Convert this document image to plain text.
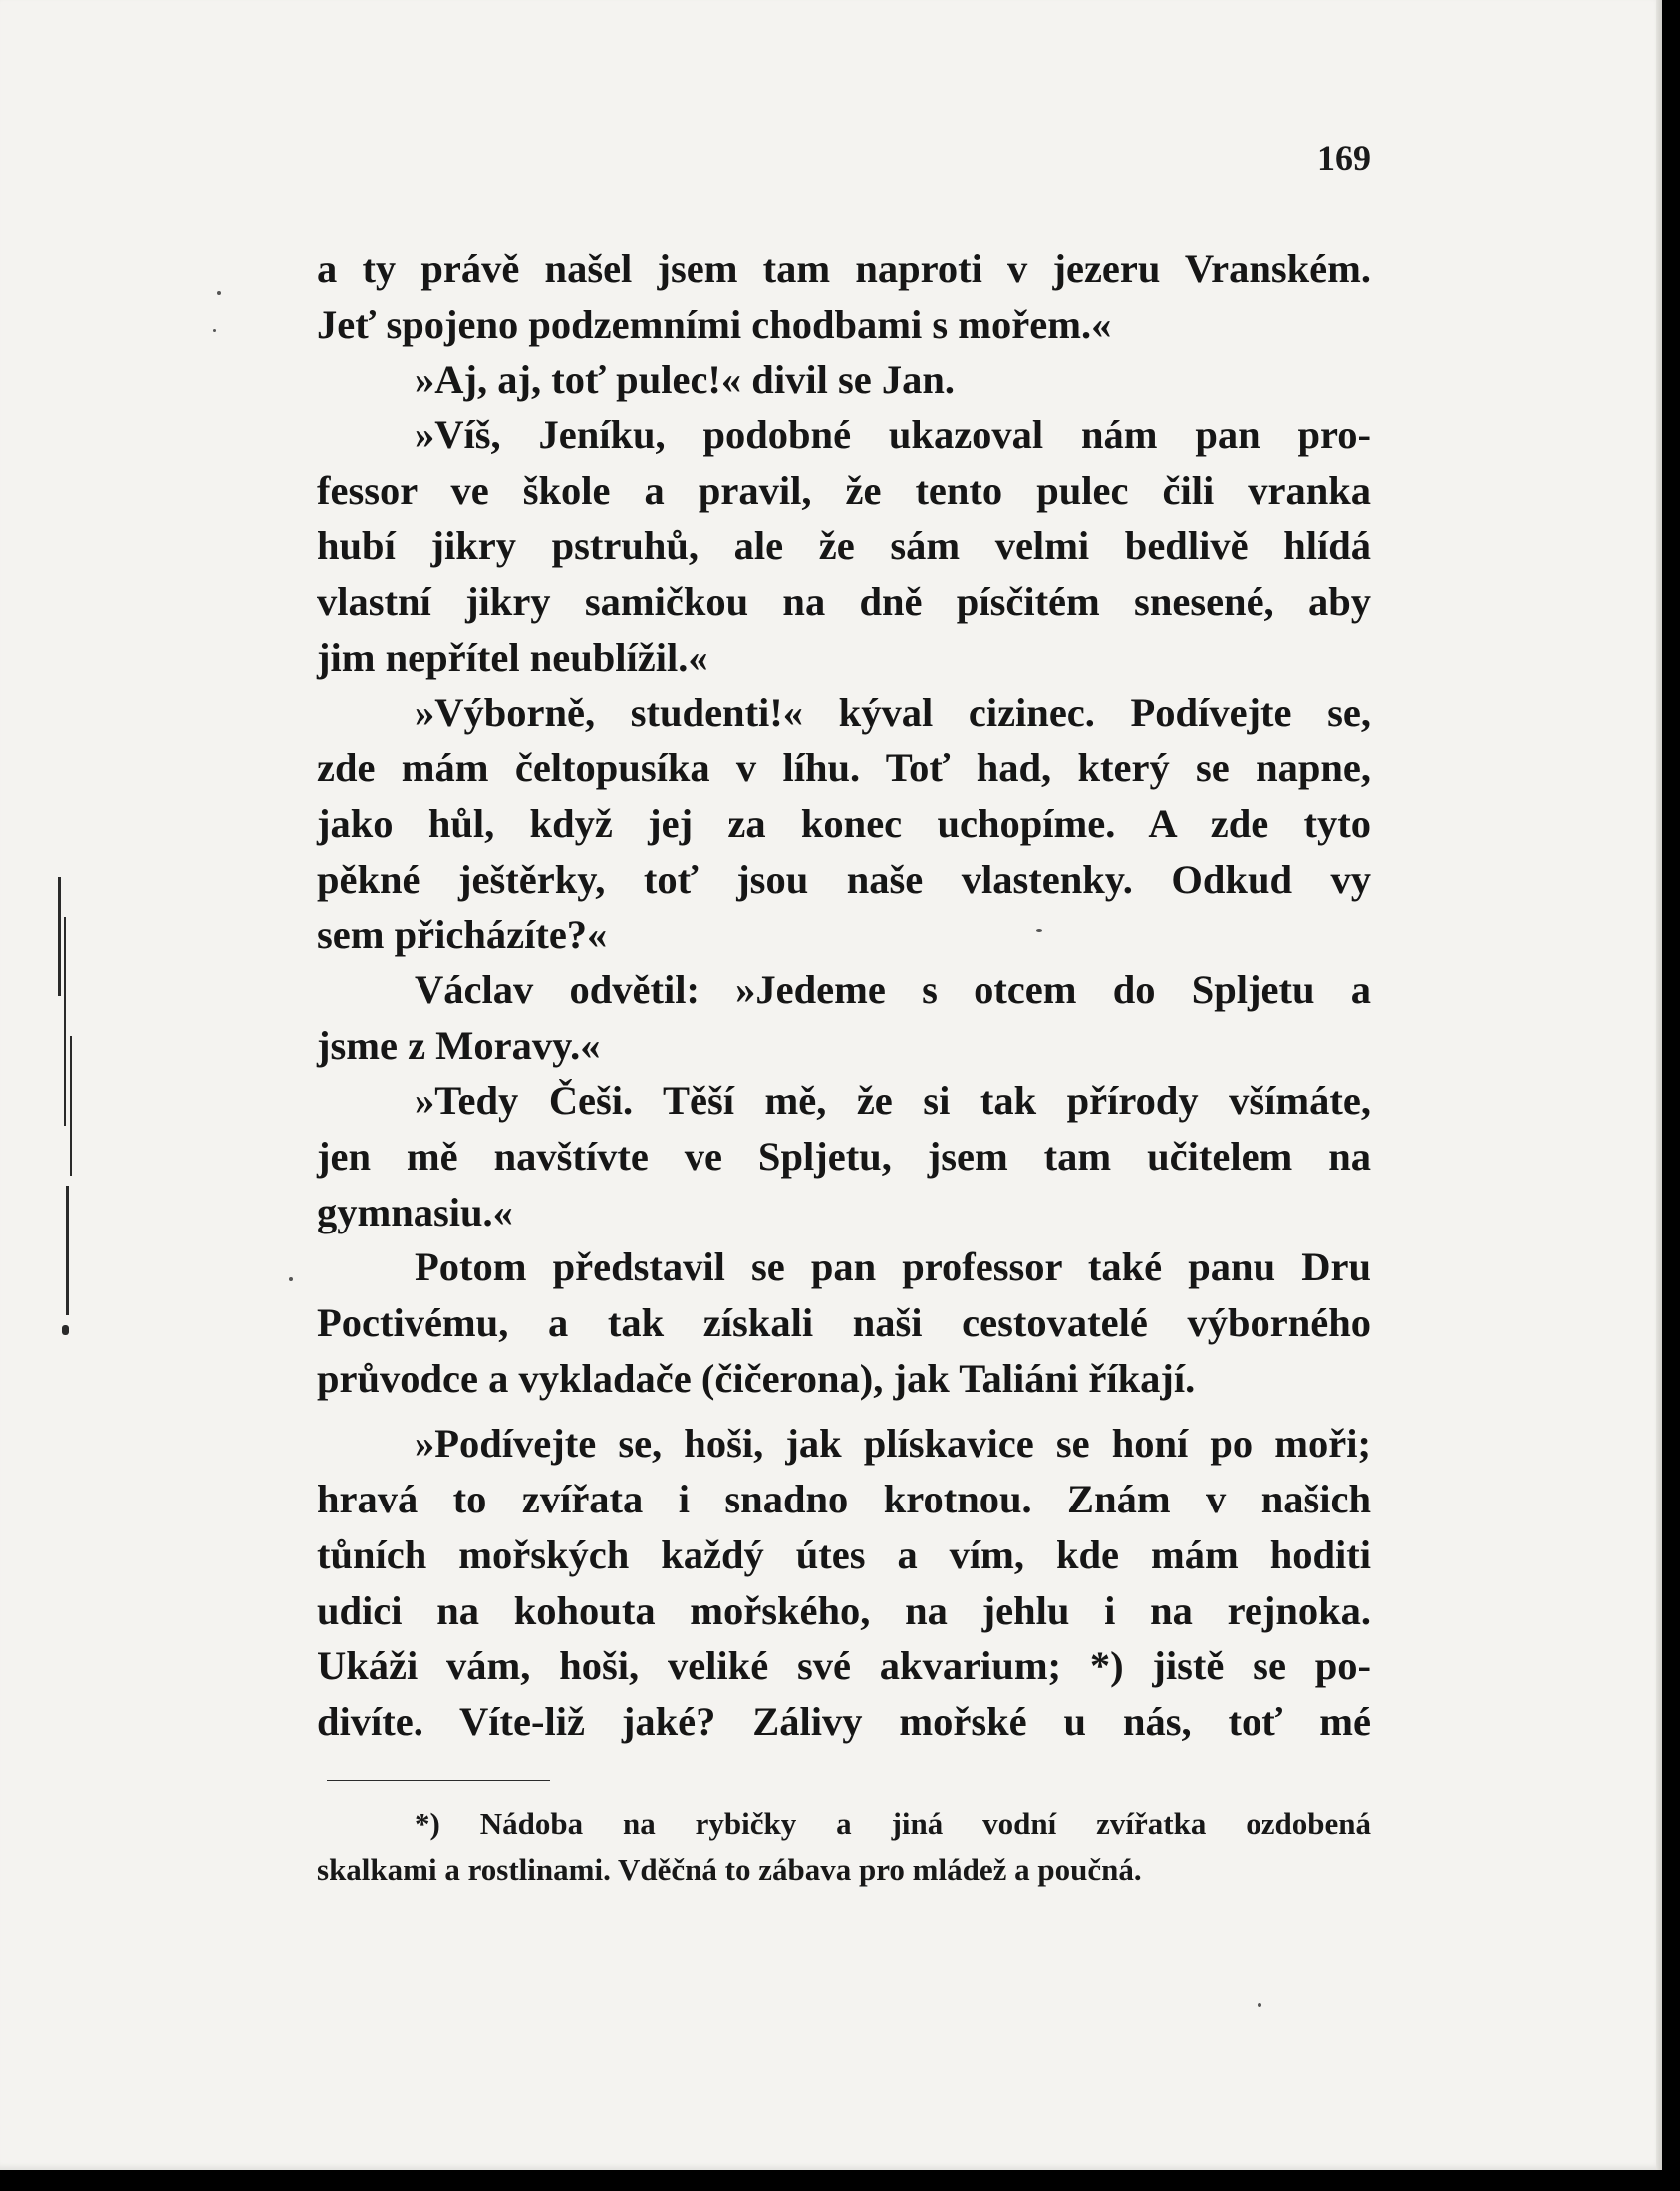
169
a ty právě našel jsem tam naproti v jezeru Vranském.
Jeť spojeno podzemními chodbami s mořem.«
»Aj, aj, toť pulec!« divil se Jan.
»Víš, Jeníku, podobné ukazoval nám pan pro-
fessor ve škole a pravil, že tento pulec čili vranka
hubí jikry pstruhů, ale že sám velmi bedlivě hlídá
vlastní jikry samičkou na dně písčitém snesené, aby
jim nepřítel neublížil.«
»Výborně, studenti!« kýval cizinec. Podívejte se,
zde mám čeltopusíka v líhu. Toť had, který se napne,
jako hůl, když jej za konec uchopíme. A zde tyto
pěkné ještěrky, toť jsou naše vlastenky. Odkud vy
sem přicházíte?«
Václav odvětil: »Jedeme s otcem do Spljetu a
jsme z Moravy.«
»Tedy Češi. Těší mě, že si tak přírody všímáte,
jen mě navštívte ve Spljetu, jsem tam učitelem na
gymnasiu.«
Potom představil se pan professor také panu Dru
Poctivému, a tak získali naši cestovatelé výborného
průvodce a vykladače (čičerona), jak Taliáni říkají.
»Podívejte se, hoši, jak plískavice se honí po moři;
hravá to zvířata i snadno krotnou. Znám v našich
tůních mořských každý útes a vím, kde mám hoditi
udici na kohouta mořského, na jehlu i na rejnoka.
Ukáži vám, hoši, veliké své akvarium; *) jistě se po-
divíte. Víte-liž jaké? Zálivy mořské u nás, toť mé
*) Nádoba na rybičky a jiná vodní zvířatka ozdobená
skalkami a rostlinami. Vděčná to zábava pro mládež a poučná.
